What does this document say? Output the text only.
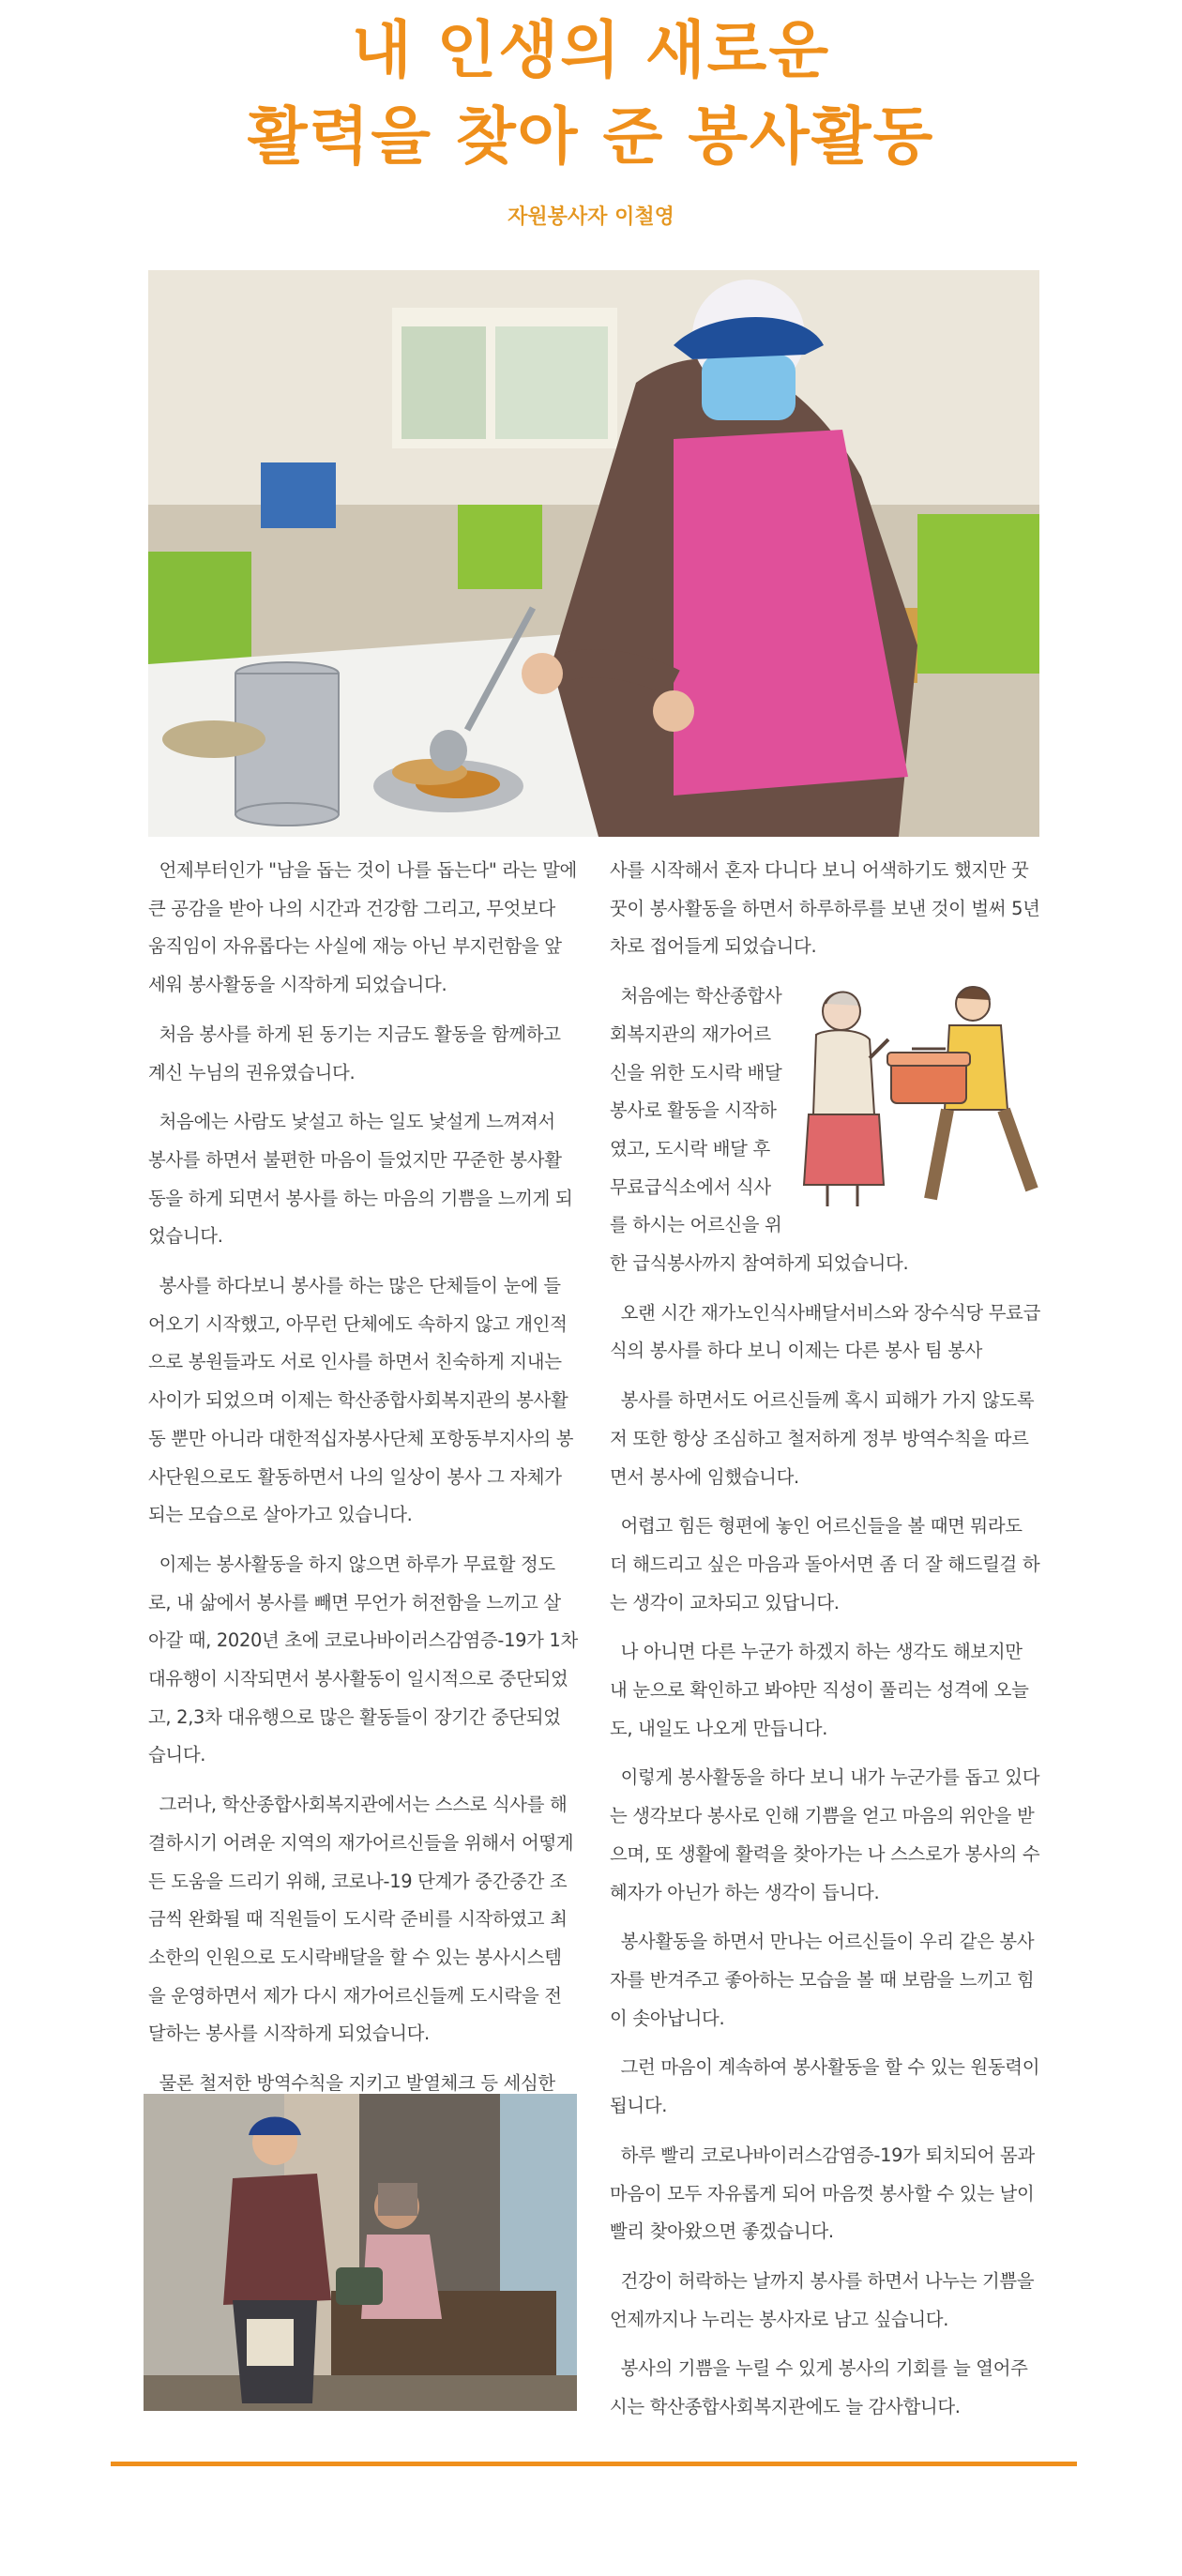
내 인생의 새로운
활력을 찾아 준 봉사활동
자원봉사자 이철영

언제부터인가 "남을 돕는 것이 나를 돕는다" 라는 말에 큰 공감을 받아 나의 시간과 건강함 그리고, 무엇보다 움직임이 자유롭다는 사실에 재능 아닌 부지런함을 앞세워 봉사활동을 시작하게 되었습니다.

처음 봉사를 하게 된 동기는 지금도 활동을 함께하고 계신 누님의 권유였습니다.

처음에는 사람도 낯설고 하는 일도 낯설게 느껴져서 봉사를 하면서 불편한 마음이 들었지만 꾸준한 봉사활동을 하게 되면서 봉사를 하는 마음의 기쁨을 느끼게 되었습니다.

봉사를 하다보니 봉사를 하는 많은 단체들이 눈에 들어오기 시작했고, 아무런 단체에도 속하지 않고 개인적으로 봉원들과도 서로 인사를 하면서 친숙하게 지내는 사이가 되었으며 이제는 학산종합사회복지관의 봉사활동 뿐만 아니라 대한적십자봉사단체 포항동부지사의 봉사단원으로도 활동하면서 나의 일상이 봉사 그 자체가 되는 모습으로 살아가고 있습니다.

이제는 봉사활동을 하지 않으면 하루가 무료할 정도로, 내 삶에서 봉사를 빼면 무언가 허전함을 느끼고 살아갈 때, 2020년 초에 코로나바이러스감염증-19가 1차 대유행이 시작되면서 봉사활동이 일시적으로 중단되었고, 2,3차 대유행으로 많은 활동들이 장기간 중단되었습니다.

그러나, 학산종합사회복지관에서는 스스로 식사를 해결하시기 어려운 지역의 재가어르신들을 위해서 어떻게든 도움을 드리기 위해, 코로나-19 단계가 중간중간 조금씩 완화될 때 직원들이 도시락 준비를 시작하였고 최소한의 인원으로 도시락배달을 할 수 있는 봉사시스템을 운영하면서 제가 다시 재가어르신들께 도시락을 전달하는 봉사를 시작하게 되었습니다.

물론 철저한 방역수칙을 지키고 발열체크 등 세심한

사를 시작해서 혼자 다니다 보니 어색하기도 했지만 꿋꿋이 봉사활동을 하면서 하루하루를 보낸 것이 벌써 5년차로 접어들게 되었습니다.

처음에는 학산종합사회복지관의 재가어르신을 위한 도시락 배달봉사로 활동을 시작하였고, 도시락 배달 후 무료급식소에서 식사를 하시는 어르신을 위한 급식봉사까지 참여하게 되었습니다.

오랜 시간 재가노인식사배달서비스와 장수식당 무료급식의 봉사를 하다 보니 이제는 다른 봉사 팀 봉사

봉사를 하면서도 어르신들께 혹시 피해가 가지 않도록 저 또한 항상 조심하고 철저하게 정부 방역수칙을 따르면서 봉사에 임했습니다.

어렵고 힘든 형편에 놓인 어르신들을 볼 때면 뭐라도 더 해드리고 싶은 마음과 돌아서면 좀 더 잘 해드릴걸 하는 생각이 교차되고 있답니다.

나 아니면 다른 누군가 하겠지 하는 생각도 해보지만 내 눈으로 확인하고 봐야만 직성이 풀리는 성격에 오늘도, 내일도 나오게 만듭니다.

이렇게 봉사활동을 하다 보니 내가 누군가를 돕고 있다는 생각보다 봉사로 인해 기쁨을 얻고 마음의 위안을 받으며, 또 생활에 활력을 찾아가는 나 스스로가 봉사의 수혜자가 아닌가 하는 생각이 듭니다.

봉사활동을 하면서 만나는 어르신들이 우리 같은 봉사자를 반겨주고 좋아하는 모습을 볼 때 보람을 느끼고 힘이 솟아납니다.

그런 마음이 계속하여 봉사활동을 할 수 있는 원동력이 됩니다.

하루 빨리 코로나바이러스감염증-19가 퇴치되어 몸과 마음이 모두 자유롭게 되어 마음껏 봉사할 수 있는 날이 빨리 찾아왔으면 좋겠습니다.

건강이 허락하는 날까지 봉사를 하면서 나누는 기쁨을 언제까지나 누리는 봉사자로 남고 싶습니다.

봉사의 기쁨을 누릴 수 있게 봉사의 기회를 늘 열어주시는 학산종합사회복지관에도 늘 감사합니다.
